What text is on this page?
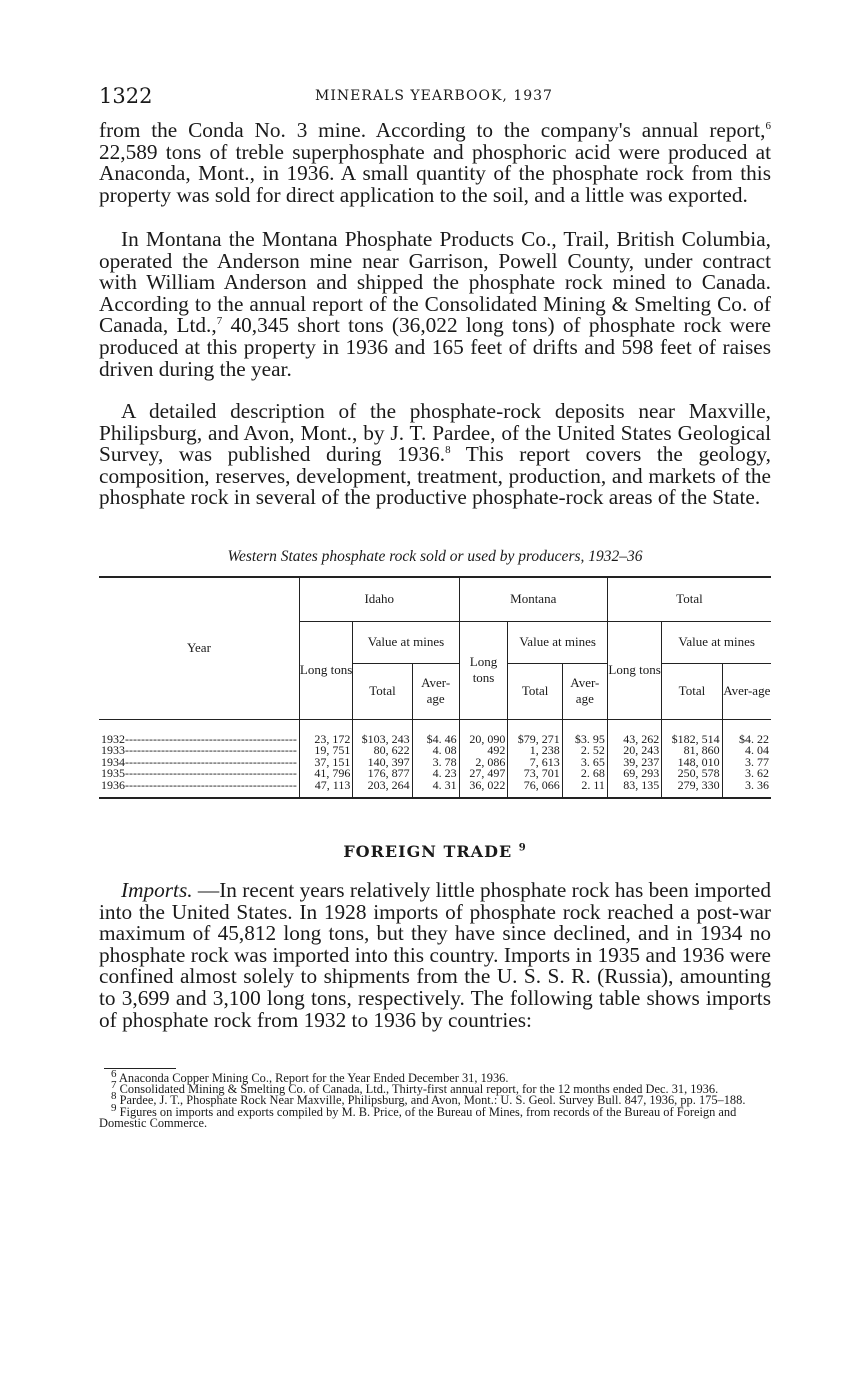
1322	MINERALS YEARBOOK, 1937

from the Conda No. 3 mine. According to the company's annual report,$^6$ 22,589 tons of treble superphosphate and phosphoric acid were produced at Anaconda, Mont., in 1936. A small quantity of the phosphate rock from this property was sold for direct application to the soil, and a little was exported.

In Montana the Montana Phosphate Products Co., Trail, British Columbia, operated the Anderson mine near Garrison, Powell County, under contract with William Anderson and shipped the phosphate rock mined to Canada. According to the annual report of the Consolidated Mining & Smelting Co. of Canada, Ltd.,$^7$ 40,345 short tons (36,022 long tons) of phosphate rock were produced at this property in 1936 and 165 feet of drifts and 598 feet of raises driven during the year.

A detailed description of the phosphate-rock deposits near Maxville, Philipsburg, and Avon, Mont., by J. T. Pardee, of the United States Geological Survey, was published during 1936.$^8$ This report covers the geology, composition, reserves, development, treatment, production, and markets of the phosphate rock in several of the productive phosphate-rock areas of the State.

Western States phosphate rock sold or used by producers, 1932–36
Year	Idaho			Montana			Total		
	Long tons	Value at mines		Long tons	Value at mines		Long tons	Value at mines	
		Total	Aver-age		Total	Aver-age		Total	Aver-age
1932-------------------------------------------	23, 172	$103, 243	$4. 46	20, 090	$79, 271	$3. 95	43, 262	$182, 514	$4. 22
1933-------------------------------------------	19, 751	80, 622	4. 08	492	1, 238	2. 52	20, 243	81, 860	4. 04
1934-------------------------------------------	37, 151	140, 397	3. 78	2, 086	7, 613	3. 65	39, 237	148, 010	3. 77
1935-------------------------------------------	41, 796	176, 877	4. 23	27, 497	73, 701	2. 68	69, 293	250, 578	3. 62
1936-------------------------------------------	47, 113	203, 264	4. 31	36, 022	76, 066	2. 11	83, 135	279, 330	3. 36
FOREIGN TRADE $^9$

Imports. —In recent years relatively little phosphate rock has been imported into the United States. In 1928 imports of phosphate rock reached a post-war maximum of 45,812 long tons, but they have since declined, and in 1934 no phosphate rock was imported into this country. Imports in 1935 and 1936 were confined almost solely to shipments from the U. S. S. R. (Russia), amounting to 3,699 and 3,100 long tons, respectively. The following table shows imports of phosphate rock from 1932 to 1936 by countries:

$^6$ Anaconda Copper Mining Co., Report for the Year Ended December 31, 1936.

$^7$ Consolidated Mining & Smelting Co. of Canada, Ltd., Thirty-first annual report, for the 12 months ended Dec. 31, 1936.

$^8$ Pardee, J. T., Phosphate Rock Near Maxville, Philipsburg, and Avon, Mont.: U. S. Geol. Survey Bull. 847, 1936, pp. 175–188.

$^9$ Figures on imports and exports compiled by M. B. Price, of the Bureau of Mines, from records of the Bureau of Foreign and Domestic Commerce.
